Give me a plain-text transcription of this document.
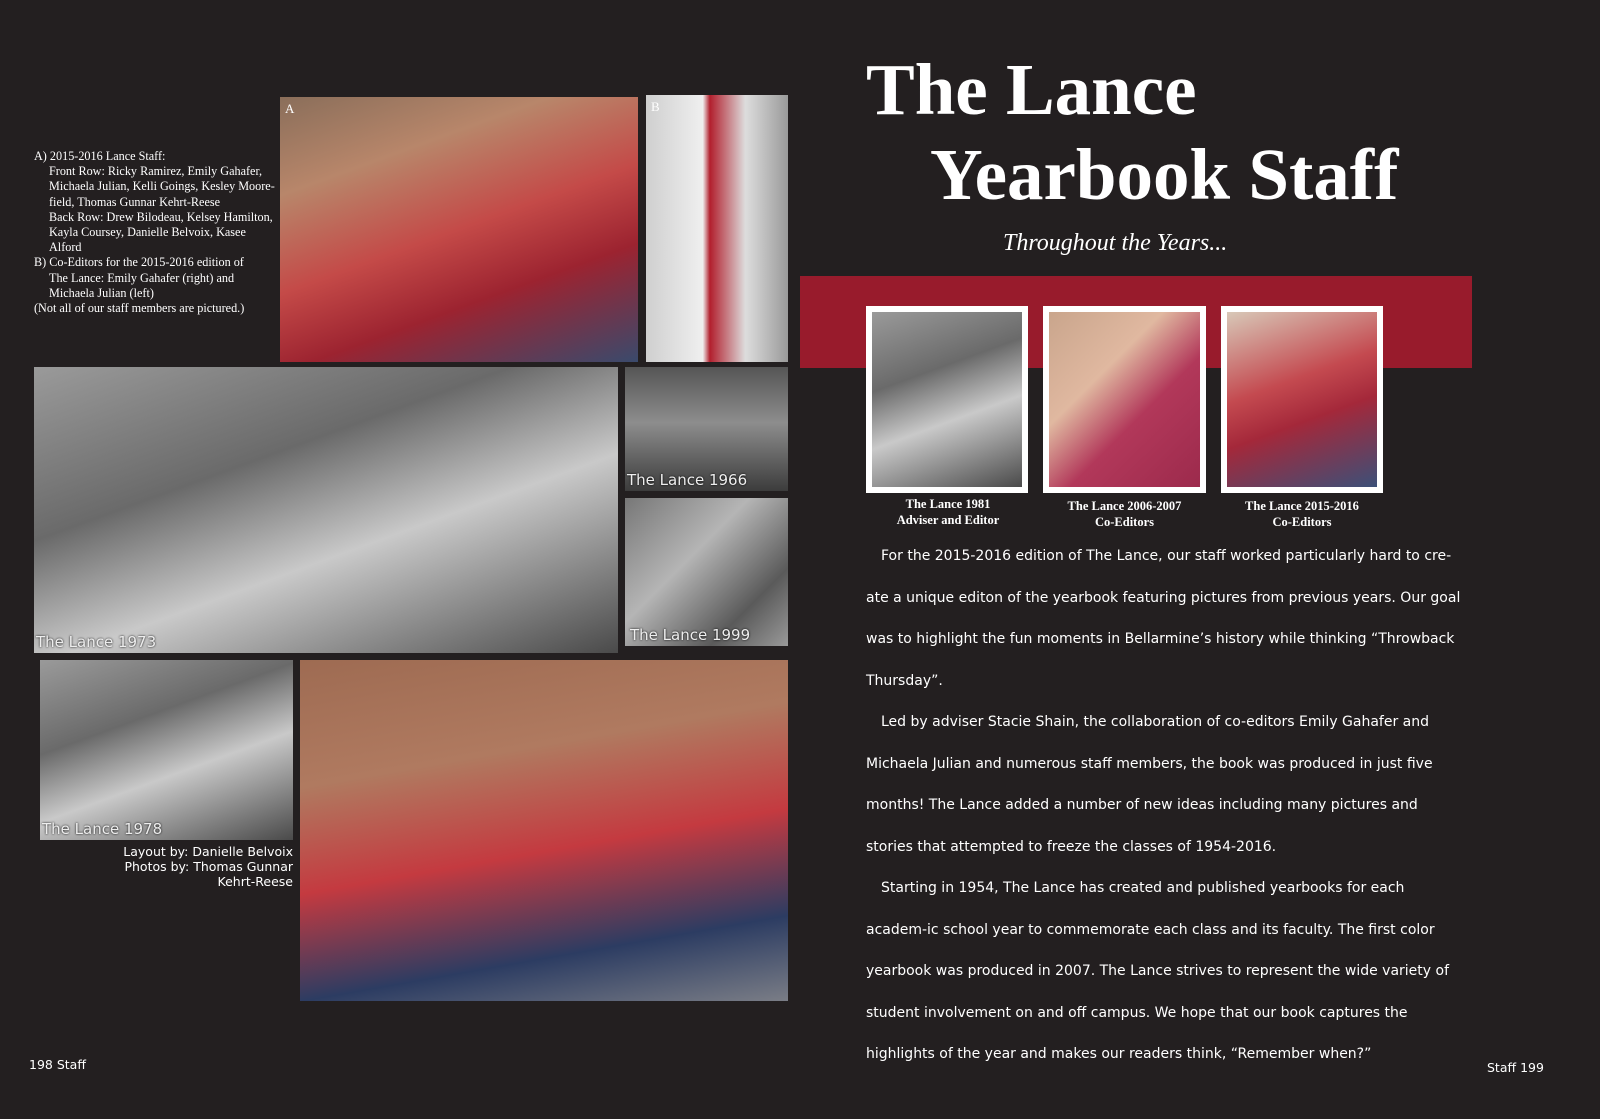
A) 2015-2016 Lance Staff:

Front Row: Ricky Ramirez, Emily Gahafer, Michaela Julian, Kelli Goings, Kesley Moore-field, Thomas Gunnar Kehrt-Reese

Back Row: Drew Bilodeau, Kelsey Hamilton, Kayla Coursey, Danielle Belvoix, Kasee Alford

B) Co-Editors for the 2015-2016 edition of

The Lance: Emily Gahafer (right) and Michaela Julian (left)

(Not all of our staff members are pictured.)

A	B
The Lance 1973
The Lance 1966
The Lance 1999
The Lance 1978

Layout by: Danielle Belvoix

Photos by: Thomas Gunnar

Kehrt-Reese

198 Staff
The Lance
Yearbook Staff
Throughout the Years...

The Lance 1981

Adviser and Editor

The Lance 2006-2007

Co-Editors

The Lance 2015-2016

Co-Editors

For the 2015-2016 edition of The Lance, our staff worked particularly hard to cre-ate a unique editon of the yearbook featuring pictures from previous years. Our goal was to highlight the fun moments in Bellarmine’s history while thinking “Throwback Thursday”.

Led by adviser Stacie Shain, the collaboration of co-editors Emily Gahafer and Michaela Julian and numerous staff members, the book was produced in just five months! The Lance added a number of new ideas including many pictures and stories that attempted to freeze the classes of 1954-2016.

Starting in 1954, The Lance has created and published yearbooks for each academ-ic school year to commemorate each class and its faculty. The first color yearbook was produced in 2007. The Lance strives to represent the wide variety of student involvement on and off campus. We hope that our book captures the highlights of the year and makes our readers think, “Remember when?”

Staff 199
